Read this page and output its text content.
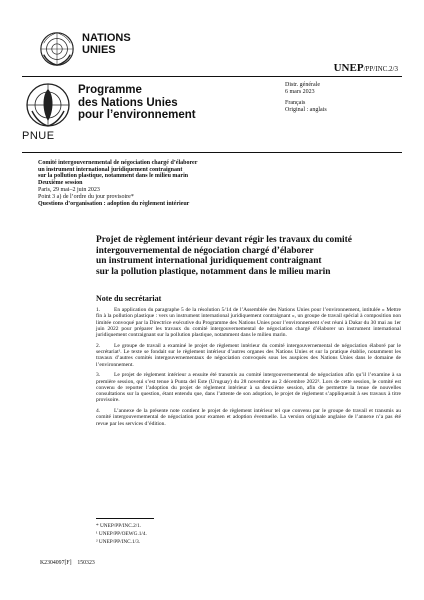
NATIONS
UNIES
PNUE
Programme
des Nations Unies
pour l’environnement
UNEP/PP/INC.2/3
Distr. générale
6 mars 2023
Français
Original : anglais
Comité intergouvernemental de négociation chargé d’élaborer
un instrument international juridiquement contraignant
sur la pollution plastique, notamment dans le milieu marin
Deuxième session
Paris, 29 mai–2 juin 2023
Point 3 a) de l’ordre du jour provisoire*
Questions d’organisation : adoption du règlement intérieur
Projet de règlement intérieur devant régir les travaux du comité
intergouvernemental de négociation chargé d’élaborer
un instrument international juridiquement contraignant
sur la pollution plastique, notamment dans le milieu marin
Note du secrétariat
1.	En application du paragraphe 5 de la résolution 5/14 de l’Assemblée des Nations Unies pour l’environnement, intitulée « Mettre fin à la pollution plastique : vers un instrument international juridiquement contraignant », un groupe de travail spécial à composition non limitée convoqué par la Directrice exécutive du Programme des Nations Unies pour l’environnement s’est réuni à Dakar du 30 mai au 1er juin 2022 pour préparer les travaux du comité intergouvernemental de négociation chargé d’élaborer un instrument international juridiquement contraignant sur la pollution plastique, notamment dans le milieu marin.
2.	Le groupe de travail a examiné le projet de règlement intérieur du comité intergouvernemental de négociation élaboré par le secrétariat¹. Le texte se fondait sur le règlement intérieur d’autres organes des Nations Unies et sur la pratique établie, notamment les travaux d’autres comités intergouvernementaux de négociation convoqués sous les auspices des Nations Unies dans le domaine de l’environnement.
3.	Le projet de règlement intérieur a ensuite été transmis au comité intergouvernemental de négociation afin qu’il l’examine à sa première session, qui s’est tenue à Punta del Este (Uruguay) du 28 novembre au 2 décembre 2022². Lors de cette session, le comité est convenu de reporter l’adoption du projet de règlement intérieur à sa deuxième session, afin de permettre la tenue de nouvelles consultations sur la question, étant entendu que, dans l’attente de son adoption, le projet de règlement s’appliquerait à ses travaux à titre provisoire.
4.	L’annexe de la présente note contient le projet de règlement intérieur tel que convenu par le groupe de travail et transmis au comité intergouvernemental de négociation pour examen et adoption éventuelle. La version originale anglaise de l’annexe n’a pas été revue par les services d’édition.
* UNEP/PP/INC.2/1.
¹ UNEP/PP/OEWG.1/4.
² UNEP/PP/INC.1/3.
K2304097[F]    150323
